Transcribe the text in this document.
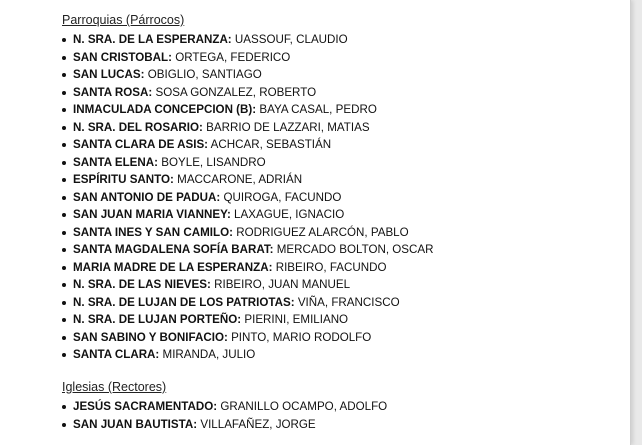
Parroquias (Párrocos)
N. SRA. DE LA ESPERANZA: UASSOUF, CLAUDIO
SAN CRISTOBAL: ORTEGA, FEDERICO
SAN LUCAS: OBIGLIO, SANTIAGO
SANTA ROSA: SOSA GONZALEZ, ROBERTO
INMACULADA CONCEPCION (B): BAYA CASAL, PEDRO
N. SRA. DEL ROSARIO: BARRIO DE LAZZARI, MATIAS
SANTA CLARA DE ASIS: ACHCAR, SEBASTIÁN
SANTA ELENA: BOYLE, LISANDRO
ESPÍRITU SANTO: MACCARONE, ADRIÁN
SAN ANTONIO DE PADUA: QUIROGA, FACUNDO
SAN JUAN MARIA VIANNEY: LAXAGUE, IGNACIO
SANTA INES Y SAN CAMILO: RODRIGUEZ ALARCÓN, PABLO
SANTA MAGDALENA SOFÍA BARAT: MERCADO BOLTON, OSCAR
MARIA MADRE DE LA ESPERANZA: RIBEIRO, FACUNDO
N. SRA. DE LAS NIEVES: RIBEIRO, JUAN MANUEL
N. SRA. DE LUJAN DE LOS PATRIOTAS: VIÑA, FRANCISCO
N. SRA. DE LUJAN PORTEÑO: PIERINI, EMILIANO
SAN SABINO Y BONIFACIO: PINTO, MARIO RODOLFO
SANTA CLARA: MIRANDA, JULIO
Iglesias (Rectores)
JESÚS SACRAMENTADO: GRANILLO OCAMPO, ADOLFO
SAN JUAN BAUTISTA: VILLAFAÑEZ, JORGE
